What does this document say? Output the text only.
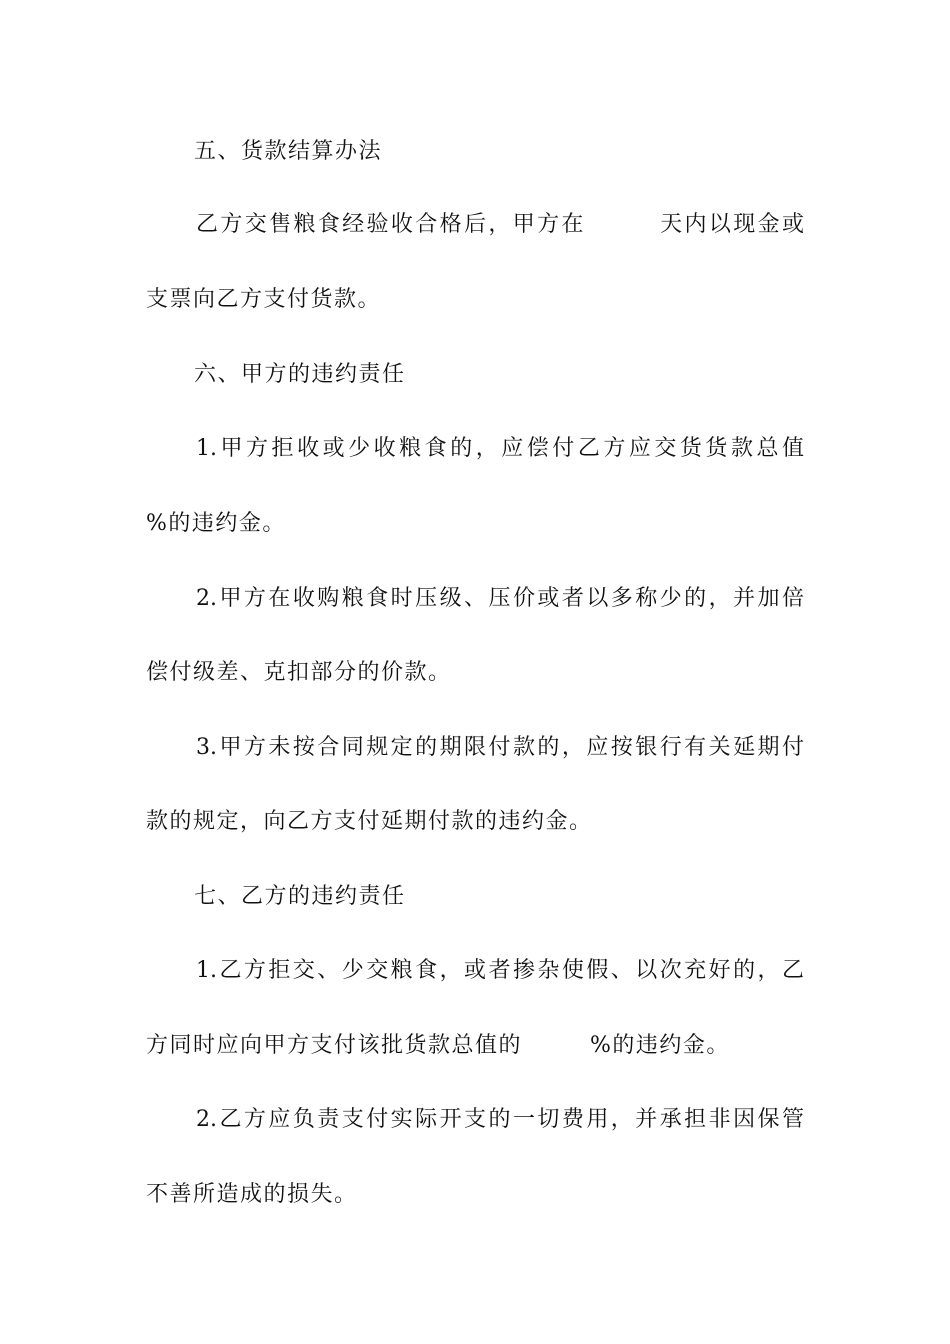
五、货款结算办法
乙方交售粮食经验收合格后，甲方在	天内以现金或
支票向乙方支付货款。
六、甲方的违约责任
1.甲方拒收或少收粮食的，应偿付乙方应交货货款总值
%的违约金。
2.甲方在收购粮食时压级、压价或者以多称少的，并加倍
偿付级差、克扣部分的价款。
3.甲方未按合同规定的期限付款的，应按银行有关延期付
款的规定，向乙方支付延期付款的违约金。
七、乙方的违约责任
1.乙方拒交、少交粮食，或者掺杂使假、以次充好的，乙
方同时应向甲方支付该批货款总值的	%的违约金。
2.乙方应负责支付实际开支的一切费用，并承担非因保管
不善所造成的损失。
